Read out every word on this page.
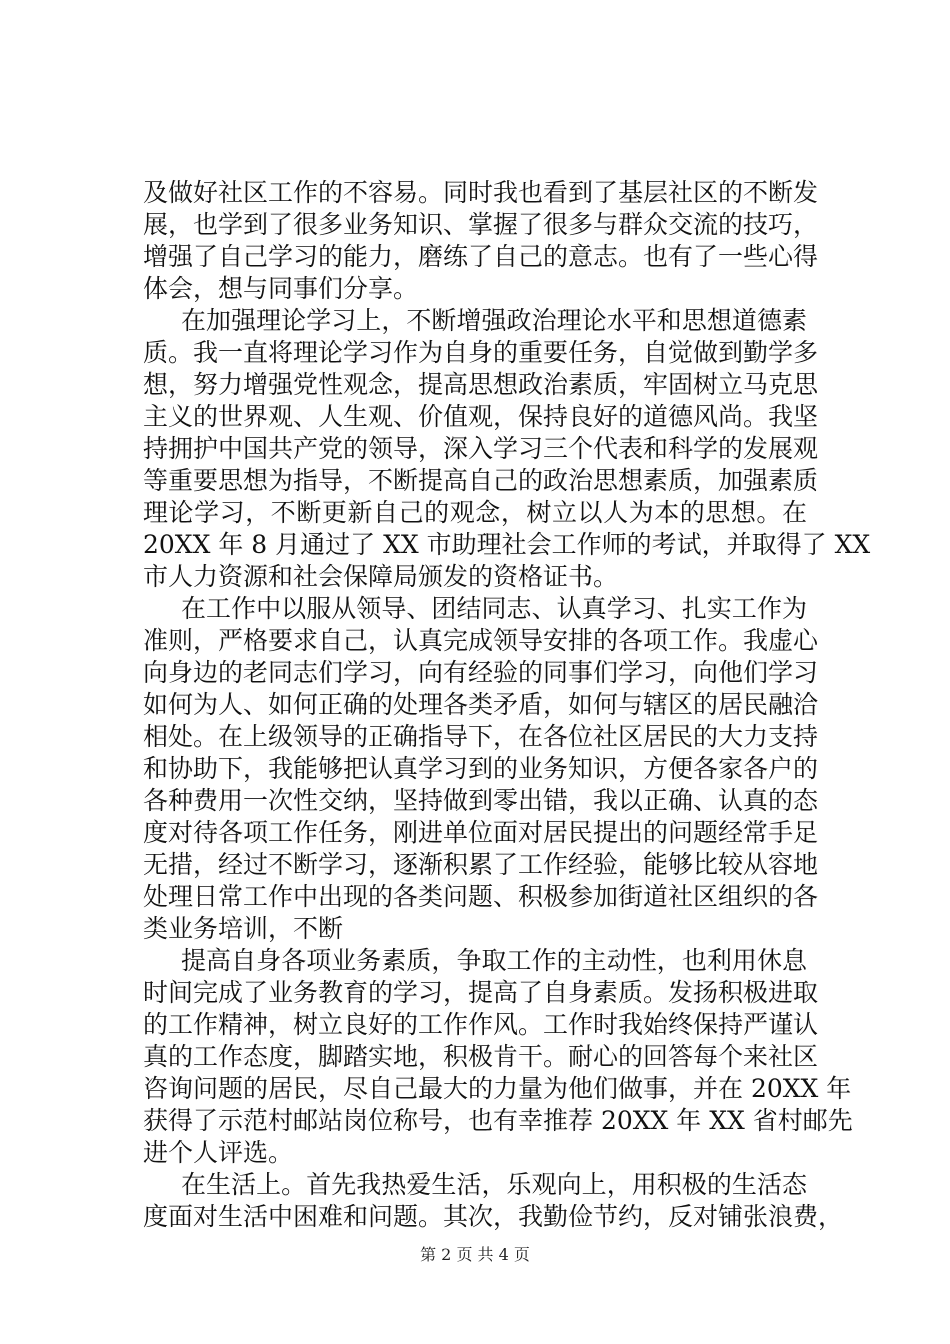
及做好社区工作的不容易。同时我也看到了基层社区的不断发
展，也学到了很多业务知识、掌握了很多与群众交流的技巧，
增强了自己学习的能力，磨练了自己的意志。也有了一些心得
体会，想与同事们分享。
在加强理论学习上，不断增强政治理论水平和思想道德素
质。我一直将理论学习作为自身的重要任务，自觉做到勤学多
想，努力增强党性观念，提高思想政治素质，牢固树立马克思
主义的世界观、人生观、价值观，保持良好的道德风尚。我坚
持拥护中国共产党的领导，深入学习三个代表和科学的发展观
等重要思想为指导，不断提高自己的政治思想素质，加强素质
理论学习，不断更新自己的观念，树立以人为本的思想。在
20XX 年 8 月通过了 XX 市助理社会工作师的考试，并取得了 XX
市人力资源和社会保障局颁发的资格证书。
在工作中以服从领导、团结同志、认真学习、扎实工作为
准则，严格要求自己，认真完成领导安排的各项工作。我虚心
向身边的老同志们学习，向有经验的同事们学习，向他们学习
如何为人、如何正确的处理各类矛盾，如何与辖区的居民融洽
相处。在上级领导的正确指导下，在各位社区居民的大力支持
和协助下，我能够把认真学习到的业务知识，方便各家各户的
各种费用一次性交纳，坚持做到零出错，我以正确、认真的态
度对待各项工作任务，刚进单位面对居民提出的问题经常手足
无措，经过不断学习，逐渐积累了工作经验，能够比较从容地
处理日常工作中出现的各类问题、积极参加街道社区组织的各
类业务培训，不断
提高自身各项业务素质，争取工作的主动性，也利用休息
时间完成了业务教育的学习，提高了自身素质。发扬积极进取
的工作精神，树立良好的工作作风。工作时我始终保持严谨认
真的工作态度，脚踏实地，积极肯干。耐心的回答每个来社区
咨询问题的居民，尽自己最大的力量为他们做事，并在 20XX 年
获得了示范村邮站岗位称号，也有幸推荐 20XX 年 XX 省村邮先
进个人评选。
在生活上。首先我热爱生活，乐观向上，用积极的生活态
度面对生活中困难和问题。其次，我勤俭节约，反对铺张浪费，
第 2 页 共 4 页
